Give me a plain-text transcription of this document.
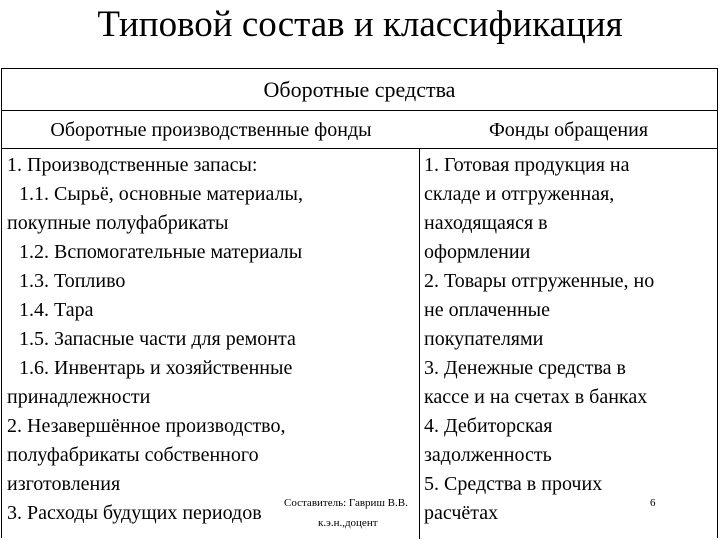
Типовой состав и классификация
Оборотные средства
Оборотные производственные фонды	Фонды обращения
1. Производственные запасы:
1.1. Сырьё, основные материалы,
покупные полуфабрикаты
1.2. Вспомогательные материалы
1.3. Топливо
1.4. Тара
1.5. Запасные части для ремонта
1.6. Инвентарь и хозяйственные
принадлежности
2. Незавершённое производство,
полуфабрикаты собственного
изготовления
3. Расходы будущих периодов
1. Готовая продукция на
складе и отгруженная,
находящаяся в
оформлении
2. Товары отгруженные, но
не оплаченные
покупателями
3. Денежные средства в
кассе и на счетах в банках
4. Дебиторская
задолженность
5. Средства в прочих
расчётах
Составитель: Гавриш В.В.
к.э.н.,доцент
6
